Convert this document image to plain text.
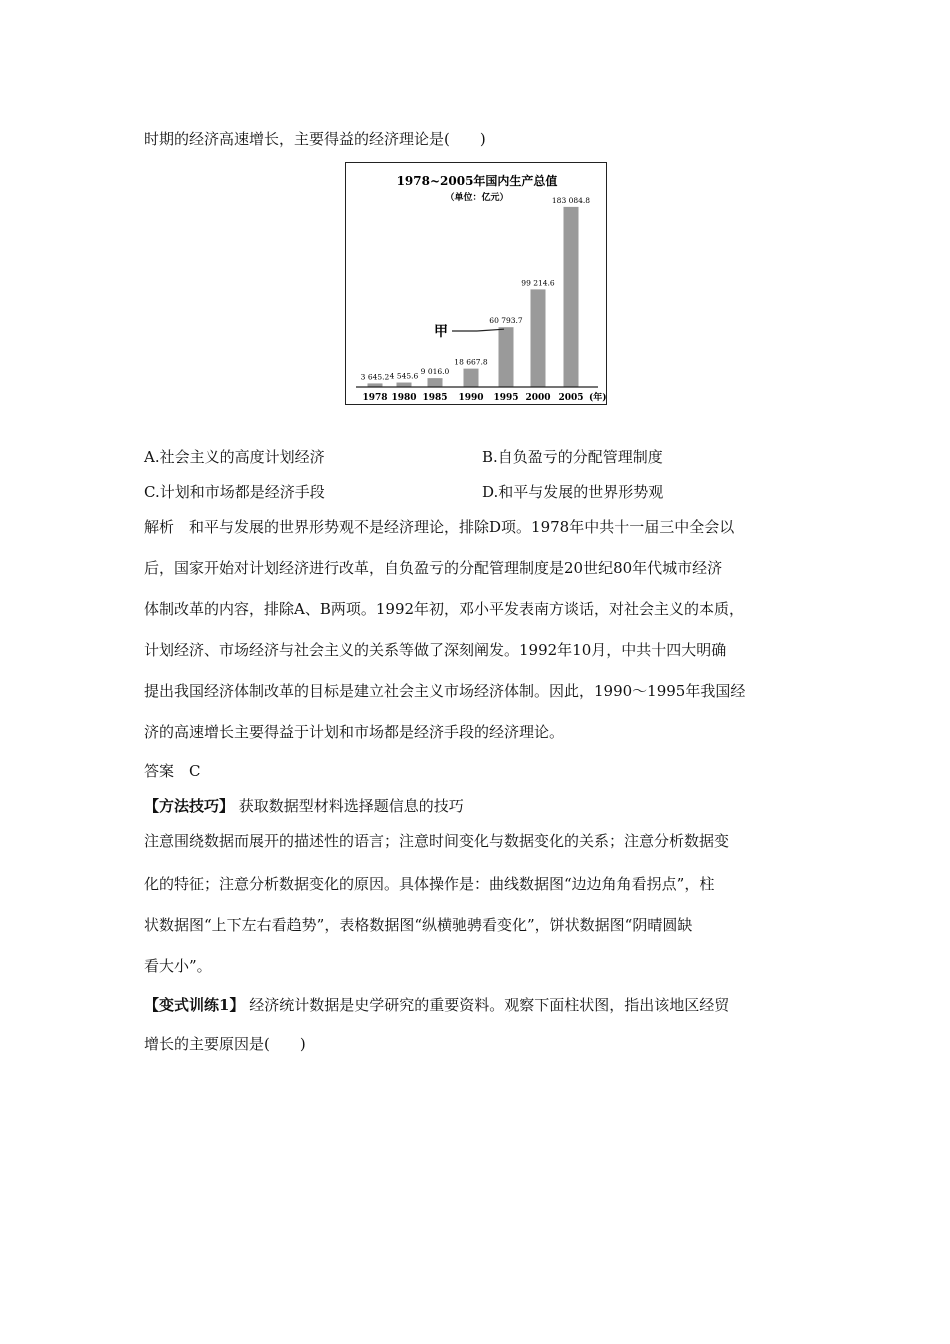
时期的经济高速增长，主要得益的经济理论是(　　)
1978~2005年国内生产总值
（单位：亿元）
3 645.2 4 545.6 9 016.0
18 667.8
60 793.7
99 214.6
183 084.8
甲
1978 1980 1985 1990 1995 2000 2005 (年)
A.社会主义的高度计划经济	B.自负盈亏的分配管理制度
C.计划和市场都是经济手段	D.和平与发展的世界形势观
解析　和平与发展的世界形势观不是经济理论，排除D项。1978年中共十一届三中全会以
后，国家开始对计划经济进行改革，自负盈亏的分配管理制度是20世纪80年代城市经济
体制改革的内容，排除A、B两项。1992年初，邓小平发表南方谈话，对社会主义的本质，
计划经济、市场经济与社会主义的关系等做了深刻阐发。1992年10月，中共十四大明确
提出我国经济体制改革的目标是建立社会主义市场经济体制。因此，1990～1995年我国经
济的高速增长主要得益于计划和市场都是经济手段的经济理论。
答案　C
【方法技巧】 获取数据型材料选择题信息的技巧
注意围绕数据而展开的描述性的语言；注意时间变化与数据变化的关系；注意分析数据变
化的特征；注意分析数据变化的原因。具体操作是：曲线数据图“边边角角看拐点”，柱
状数据图“上下左右看趋势”，表格数据图“纵横驰骋看变化”，饼状数据图“阴晴圆缺
看大小”。
【变式训练1】 经济统计数据是史学研究的重要资料。观察下面柱状图，指出该地区经贸
增长的主要原因是(　　)
